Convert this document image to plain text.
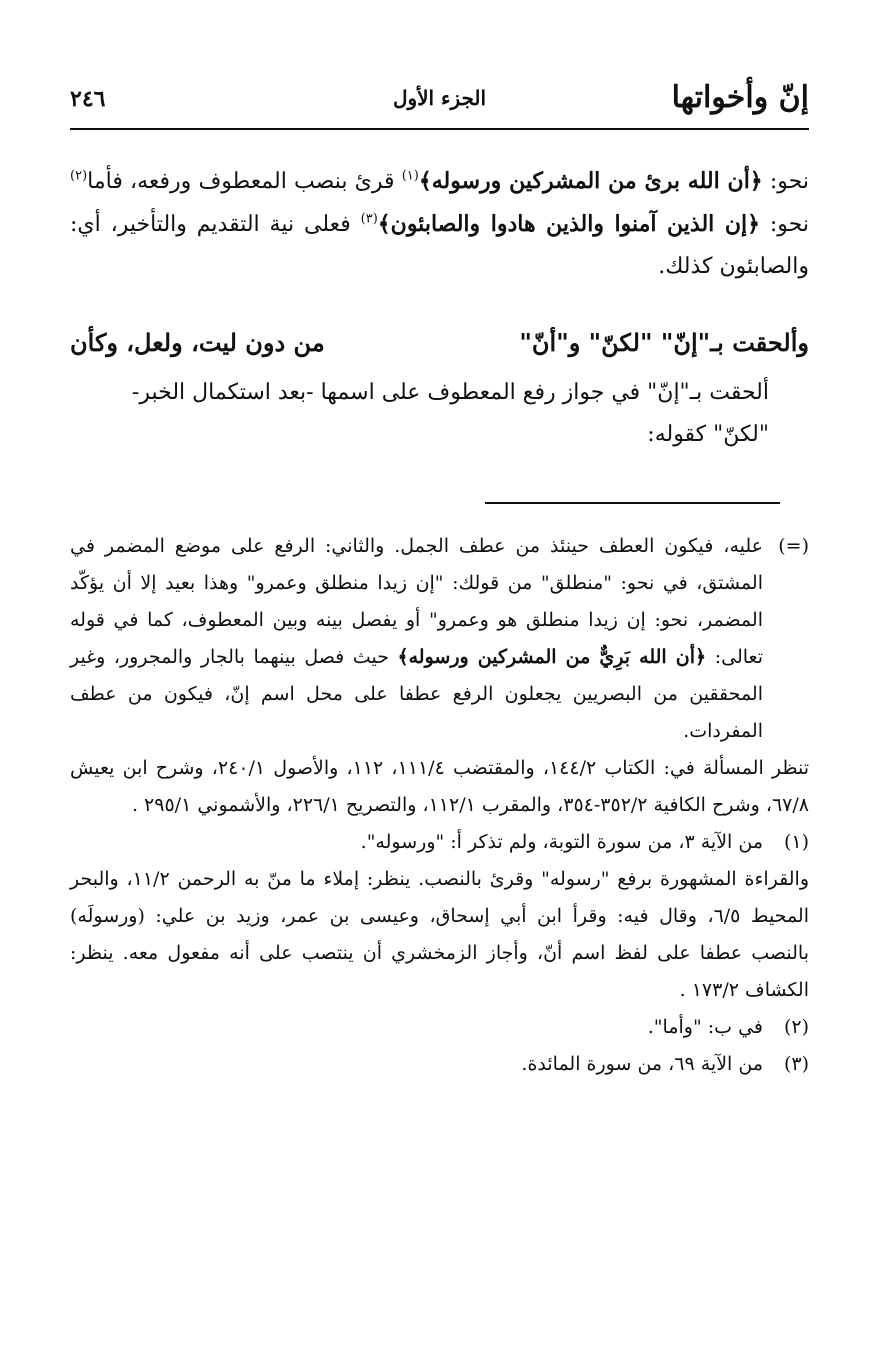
إنّ وأخواتها
الجزء الأول
٢٤٦

نحو: ﴿أن الله برئ من المشركين ورسوله﴾$^{(١)}$ قرئ بنصب المعطوف ورفعه، فأما$^{(٢)}$ نحو: ﴿إن الذين آمنوا والذين هادوا والصابئون﴾$^{(٣)}$ فعلى نية التقديم والتأخير، أي: والصابئون كذلك.

وألحقت بـ"إنّ" "لكنّ" و"أنّ"
من دون ليت، ولعل، وكأن

ألحقت بـ"إنّ" في جواز رفع المعطوف على اسمها -بعد استكمال الخبر-

"لكنّ" كقوله:

(=)
عليه، فيكون العطف حينئذ من عطف الجمل. والثاني: الرفع على موضع المضمر في المشتق، في نحو: "منطلق" من قولك: "إن زيدا منطلق وعمرو" وهذا بعيد إلا أن يؤكّد المضمر، نحو: إن زيدا منطلق هو وعمرو" أو يفصل بينه وبين المعطوف، كما في قوله تعالى: ﴿أن الله بَرِيٌّ من المشركين ورسوله﴾ حيث فصل بينهما بالجار والمجرور، وغير المحققين من البصريين يجعلون الرفع عطفا على محل اسم إنّ، فيكون من عطف المفردات.

تنظر المسألة في: الكتاب ١٤٤/٢، والمقتضب ١١١/٤، ١١٢، والأصول ٢٤٠/١، وشرح ابن يعيش ٦٧/٨، وشرح الكافية ٣٥٢/٢-٣٥٤، والمقرب ١١٢/١، والتصريح ٢٢٦/١، والأشموني ٢٩٥/١ .

(١)
من الآية ٣، من سورة التوبة، ولم تذكر أ: "ورسوله".

والقراءة المشهورة برفع "رسوله" وقرئ بالنصب. ينظر: إملاء ما منّ به الرحمن ١١/٢، والبحر المحيط ٦/٥، وقال فيه: وقرأ ابن أبي إسحاق، وعيسى بن عمر، وزيد بن علي: (ورسولَه) بالنصب عطفا على لفظ اسم أنّ، وأجاز الزمخشري أن ينتصب على أنه مفعول معه. ينظر: الكشاف ١٧٣/٢ .

(٢)
في ب: "وأما".
(٣)
من الآية ٦٩، من سورة المائدة.
